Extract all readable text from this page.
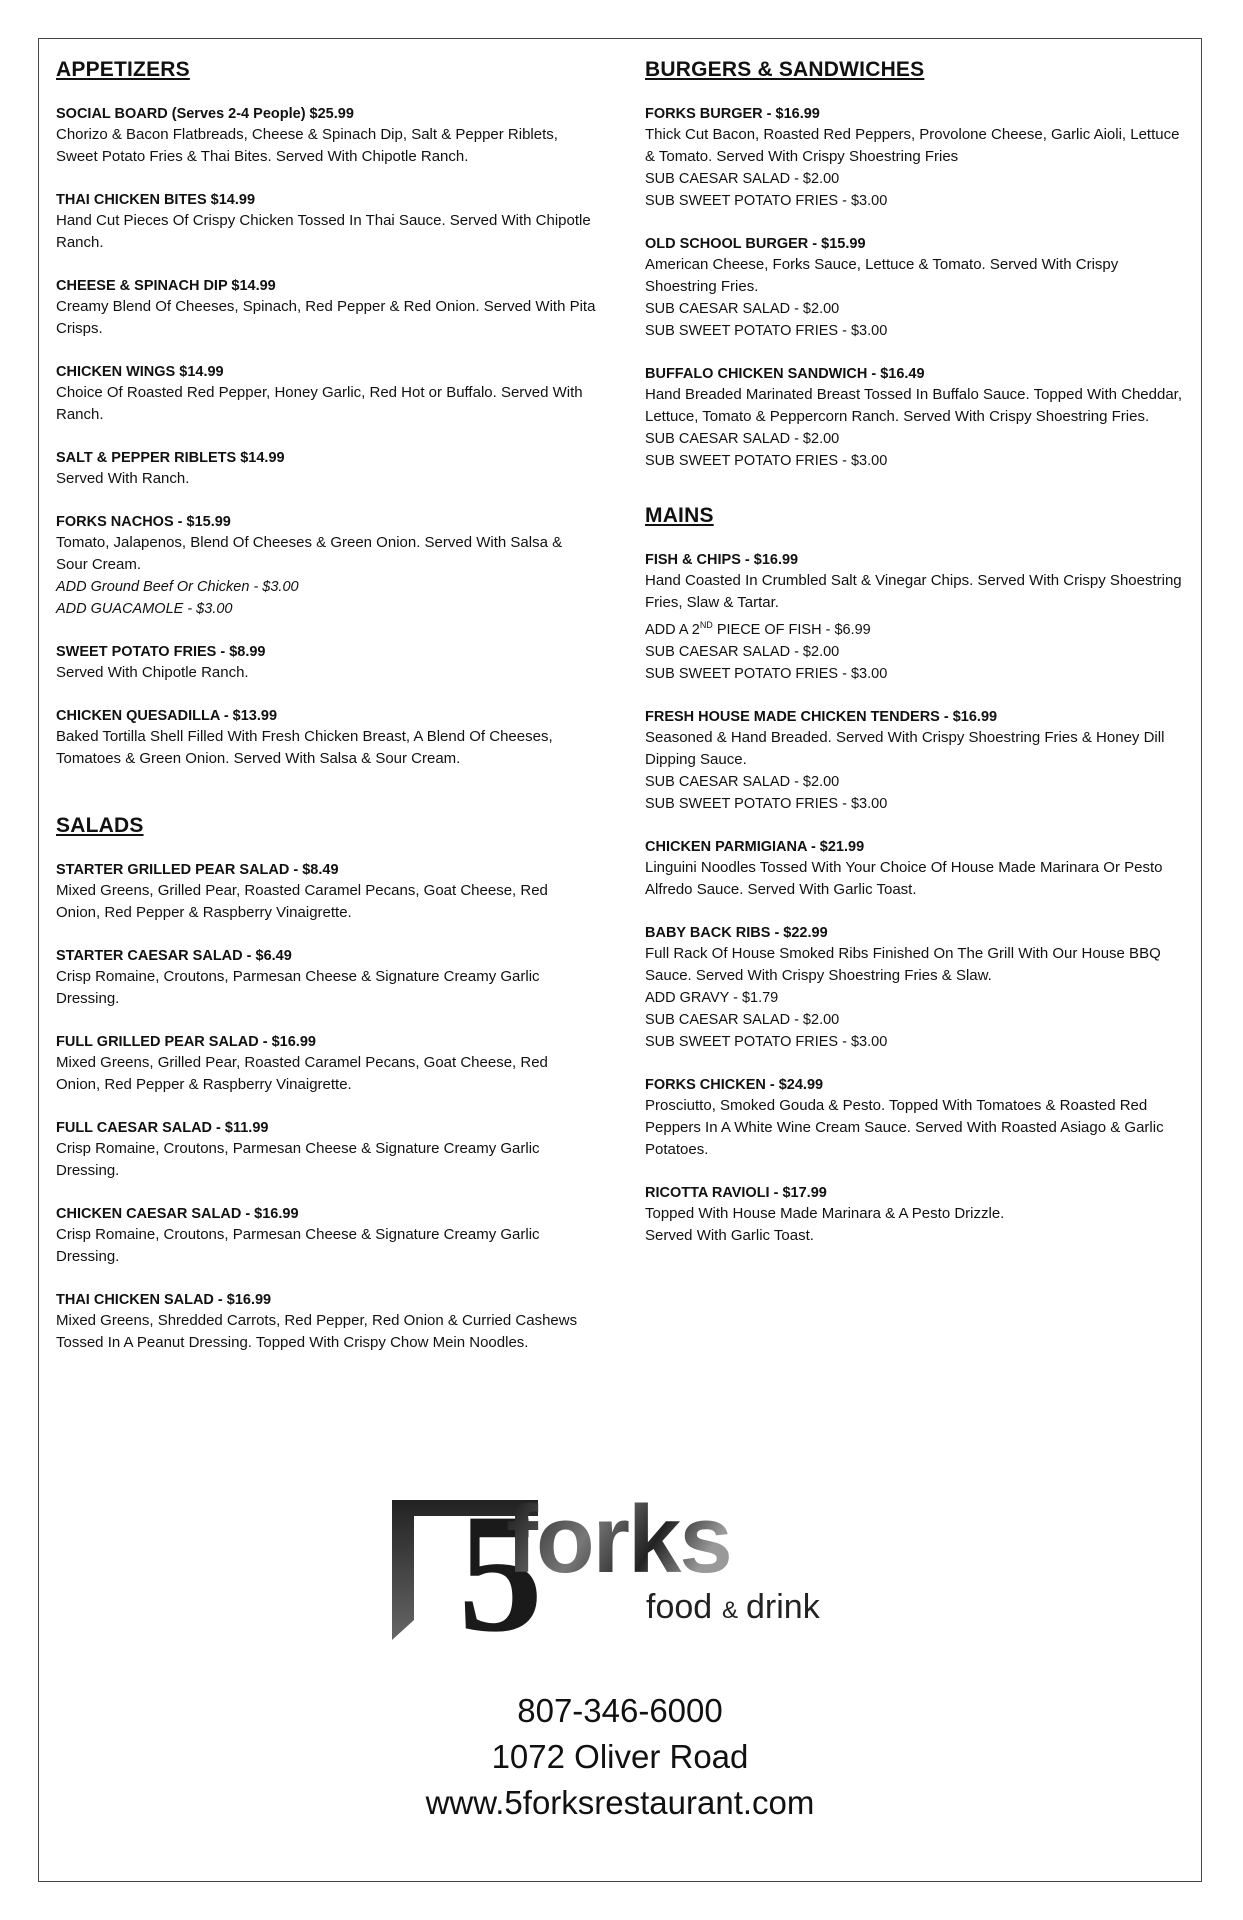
APPETIZERS
SOCIAL BOARD (Serves 2-4 People) $25.99
Chorizo & Bacon Flatbreads, Cheese & Spinach Dip, Salt & Pepper Riblets, Sweet Potato Fries & Thai Bites. Served With Chipotle Ranch.
THAI CHICKEN BITES $14.99
Hand Cut Pieces Of Crispy Chicken Tossed In Thai Sauce. Served With Chipotle Ranch.
CHEESE & SPINACH DIP $14.99
Creamy Blend Of Cheeses, Spinach, Red Pepper & Red Onion. Served With Pita Crisps.
CHICKEN WINGS $14.99
Choice Of Roasted Red Pepper, Honey Garlic, Red Hot or Buffalo. Served With Ranch.
SALT & PEPPER RIBLETS $14.99
Served With Ranch.
FORKS NACHOS - $15.99
Tomato, Jalapenos, Blend Of Cheeses & Green Onion. Served With Salsa & Sour Cream.
ADD Ground Beef Or Chicken - $3.00
ADD GUACAMOLE - $3.00
SWEET POTATO FRIES - $8.99
Served With Chipotle Ranch.
CHICKEN QUESADILLA - $13.99
Baked Tortilla Shell Filled With Fresh Chicken Breast, A Blend Of Cheeses, Tomatoes & Green Onion. Served With Salsa & Sour Cream.
SALADS
STARTER GRILLED PEAR SALAD - $8.49
Mixed Greens, Grilled Pear, Roasted Caramel Pecans, Goat Cheese, Red Onion, Red Pepper & Raspberry Vinaigrette.
STARTER CAESAR SALAD - $6.49
Crisp Romaine, Croutons, Parmesan Cheese & Signature Creamy Garlic Dressing.
FULL GRILLED PEAR SALAD - $16.99
Mixed Greens, Grilled Pear, Roasted Caramel Pecans, Goat Cheese, Red Onion, Red Pepper & Raspberry Vinaigrette.
FULL CAESAR SALAD - $11.99
Crisp Romaine, Croutons, Parmesan Cheese & Signature Creamy Garlic Dressing.
CHICKEN CAESAR SALAD - $16.99
Crisp Romaine, Croutons, Parmesan Cheese & Signature Creamy Garlic Dressing.
THAI CHICKEN SALAD - $16.99
Mixed Greens, Shredded Carrots, Red Pepper, Red Onion & Curried Cashews Tossed In A Peanut Dressing. Topped With Crispy Chow Mein Noodles.
BURGERS & SANDWICHES
FORKS BURGER - $16.99
Thick Cut Bacon, Roasted Red Peppers, Provolone Cheese, Garlic Aioli, Lettuce & Tomato. Served With Crispy Shoestring Fries
SUB CAESAR SALAD - $2.00
SUB SWEET POTATO FRIES - $3.00
OLD SCHOOL BURGER - $15.99
American Cheese, Forks Sauce, Lettuce & Tomato. Served With Crispy Shoestring Fries.
SUB CAESAR SALAD - $2.00
SUB SWEET POTATO FRIES - $3.00
BUFFALO CHICKEN SANDWICH - $16.49
Hand Breaded Marinated Breast Tossed In Buffalo Sauce. Topped With Cheddar, Lettuce, Tomato & Peppercorn Ranch. Served With Crispy Shoestring Fries.
SUB CAESAR SALAD - $2.00
SUB SWEET POTATO FRIES - $3.00
MAINS
FISH & CHIPS - $16.99
Hand Coasted In Crumbled Salt & Vinegar Chips. Served With Crispy Shoestring Fries, Slaw & Tartar.
ADD A 2ND PIECE OF FISH - $6.99
SUB CAESAR SALAD - $2.00
SUB SWEET POTATO FRIES - $3.00
FRESH HOUSE MADE CHICKEN TENDERS - $16.99
Seasoned & Hand Breaded. Served With Crispy Shoestring Fries & Honey Dill Dipping Sauce.
SUB CAESAR SALAD - $2.00
SUB SWEET POTATO FRIES - $3.00
CHICKEN PARMIGIANA - $21.99
Linguini Noodles Tossed With Your Choice Of House Made Marinara Or Pesto Alfredo Sauce. Served With Garlic Toast.
BABY BACK RIBS - $22.99
Full Rack Of House Smoked Ribs Finished On The Grill With Our House BBQ Sauce. Served With Crispy Shoestring Fries & Slaw.
ADD GRAVY - $1.79
SUB CAESAR SALAD - $2.00
SUB SWEET POTATO FRIES - $3.00
FORKS CHICKEN - $24.99
Prosciutto, Smoked Gouda & Pesto. Topped With Tomatoes & Roasted Red Peppers In A White Wine Cream Sauce. Served With Roasted Asiago & Garlic Potatoes.
RICOTTA RAVIOLI - $17.99
Topped With House Made Marinara & A Pesto Drizzle.
Served With Garlic Toast.
5
forks
food & drink
807-346-6000
1072 Oliver Road
www.5forksrestaurant.com
